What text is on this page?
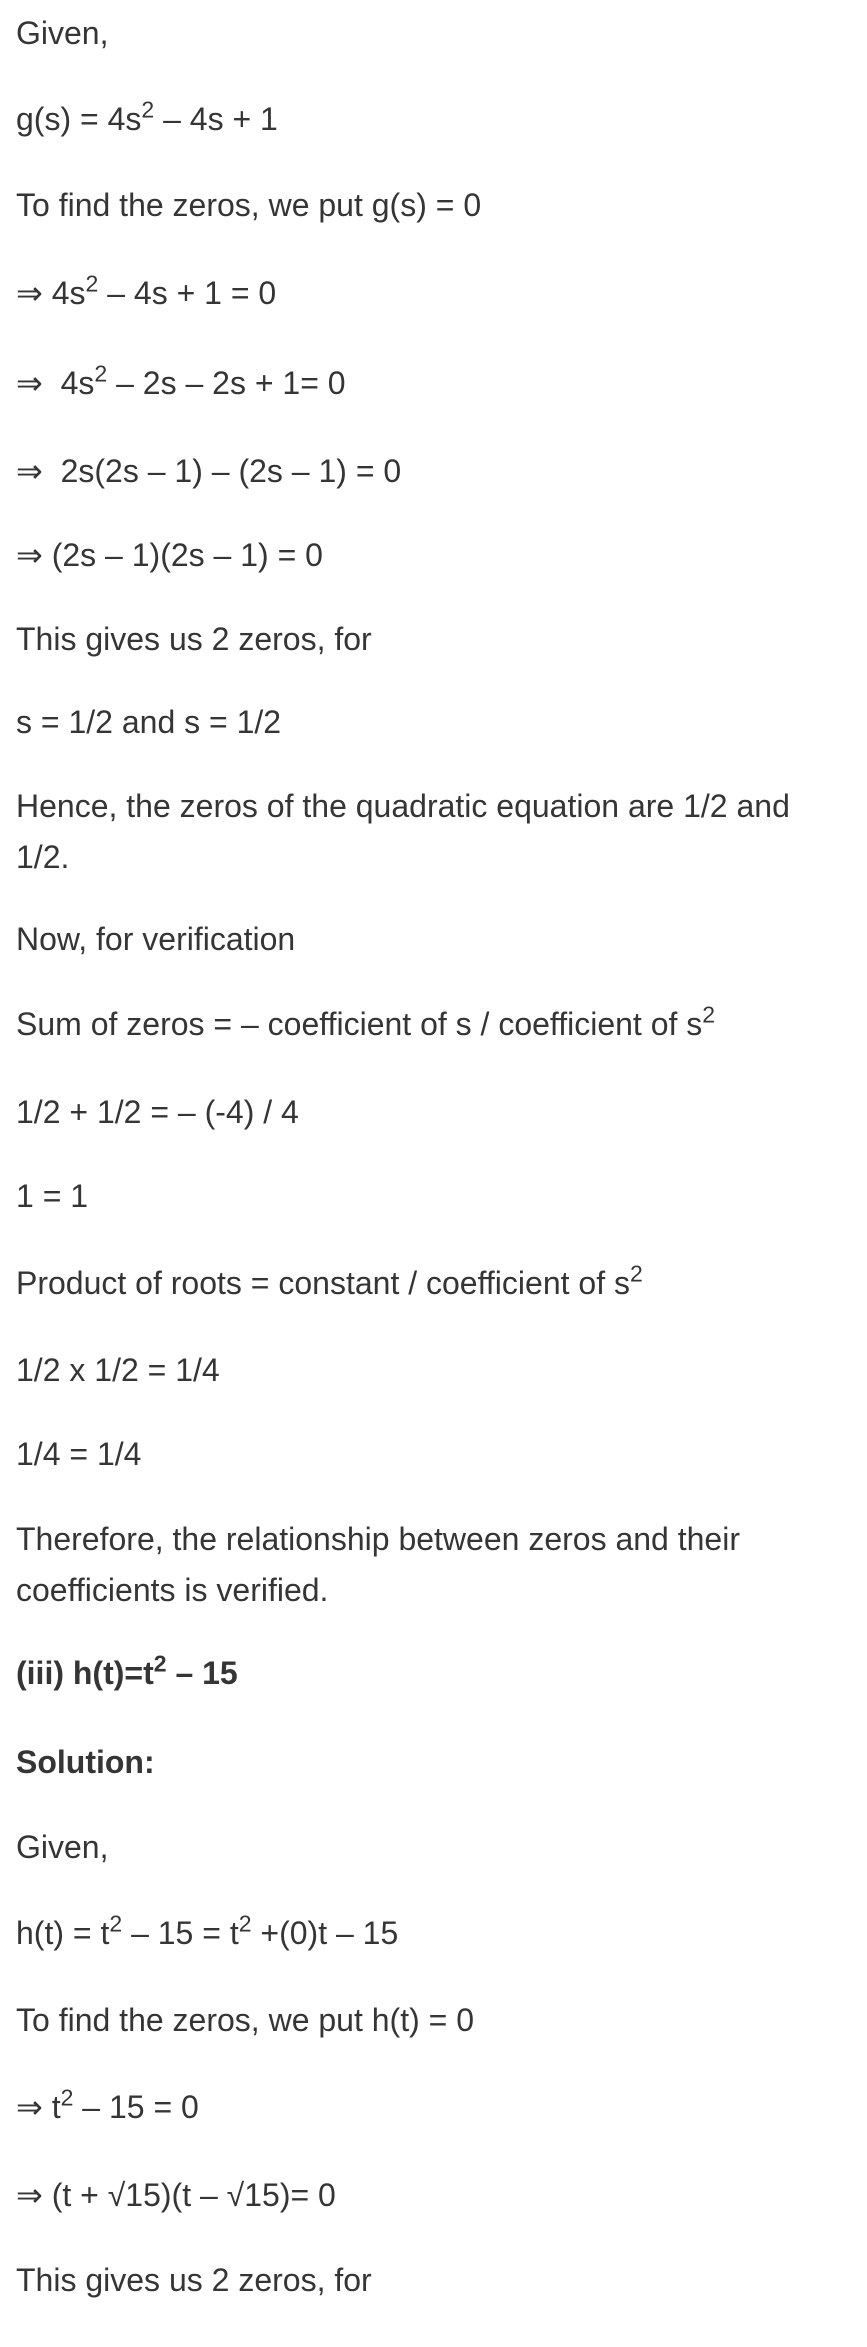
Given,

$g(s) = 4s^2 - 4s + 1$

To find the zeros, we put g(s) = 0

⇒ $4s^2 - 4s + 1 = 0$

⇒  $4s^2 - 2s - 2s + 1= 0$

⇒  2s(2s – 1) – (2s – 1) = 0

⇒ (2s – 1)(2s – 1) = 0

This gives us 2 zeros, for

s = 1/2 and s = 1/2

Hence, the zeros of the quadratic equation are 1/2 and 1/2.

Now, for verification

Sum of zeros = – coefficient of s / coefficient of $s^2$

1/2 + 1/2 = – (-4) / 4

1 = 1

Product of roots = constant / coefficient of $s^2$

1/2 x 1/2 = 1/4

1/4 = 1/4

Therefore, the relationship between zeros and their coefficients is verified.

(iii) $h(t)=t^2 - 15$

Solution:

Given,

$h(t) = t^2 - 15 = t^2 +(0)t - 15$

To find the zeros, we put h(t) = 0

⇒ $t^2 - 15 = 0$

⇒ (t + √15)(t – √15)= 0

This gives us 2 zeros, for
